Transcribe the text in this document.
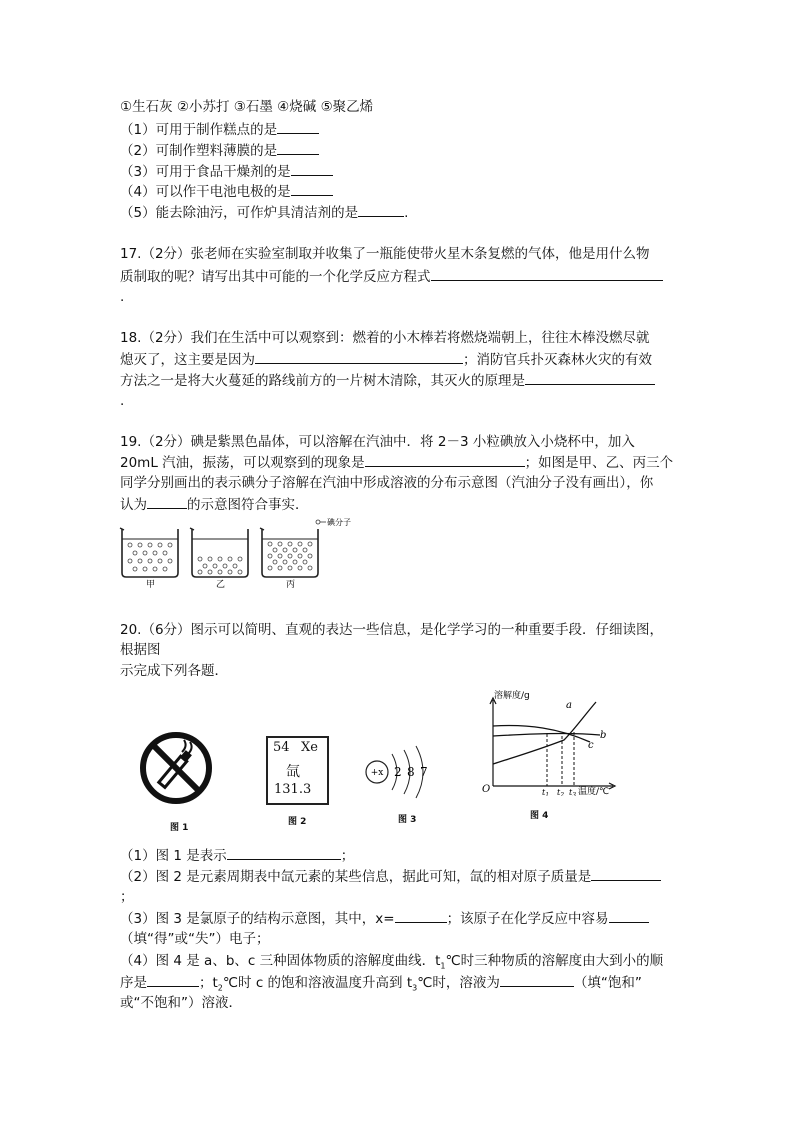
①生石灰 ②小苏打 ③石墨 ④烧碱 ⑤聚乙烯
（1）可用于制作糕点的是
（2）可制作塑料薄膜的是
（3）可用于食品干燥剂的是
（4）可以作干电池电极的是
（5）能去除油污，可作炉具清洁剂的是	.
17.（2分）张老师在实验室制取并收集了一瓶能使带火星木条复燃的气体，他是用什么物
质制取的呢？请写出其中可能的一个化学反应方程式
.
18.（2分）我们在生活中可以观察到：燃着的小木棒若将燃烧端朝上，往往木棒没燃尽就
熄灭了，这主要是因为	；消防官兵扑灭森林火灾的有效
方法之一是将大火蔓延的路线前方的一片树木清除，其灭火的原理是
.
19.（2分）碘是紫黑色晶体，可以溶解在汽油中．将 2－3 小粒碘放入小烧杯中，加入
20mL 汽油，振荡，可以观察到的现象是	；如图是甲、乙、丙三个
同学分别画出的表示碘分子溶解在汽油中形成溶液的分布示意图（汽油分子没有画出），你
认为	的示意图符合事实．
碘分子
甲	乙	丙
20.（6分）图示可以简明、直观的表达一些信息，是化学学习的一种重要手段．仔细读图，
根据图
示完成下列各题．
图 1
54 Xe
氙
131.3
图 2
+x 2 8 7
图 3
溶解度/g
O	温度/℃
a
b
c
$t_1$ $t_2$ $t_3$
图 4
（1）图 1 是表示	；
（2）图 2 是元素周期表中氙元素的某些信息，据此可知，氙的相对原子质量是
；
（3）图 3 是氯原子的结构示意图，其中，x=	；该原子在化学反应中容易
（填“得”或“失”）电子；
（4）图 4 是 a、b、c 三种固体物质的溶解度曲线．$t_1℃$时三种物质的溶解度由大到小的顺
序是	；$t_2℃$时 c 的饱和溶液温度升高到 $t_3℃$时，溶液为	（填“饱和”
或“不饱和”）溶液．
